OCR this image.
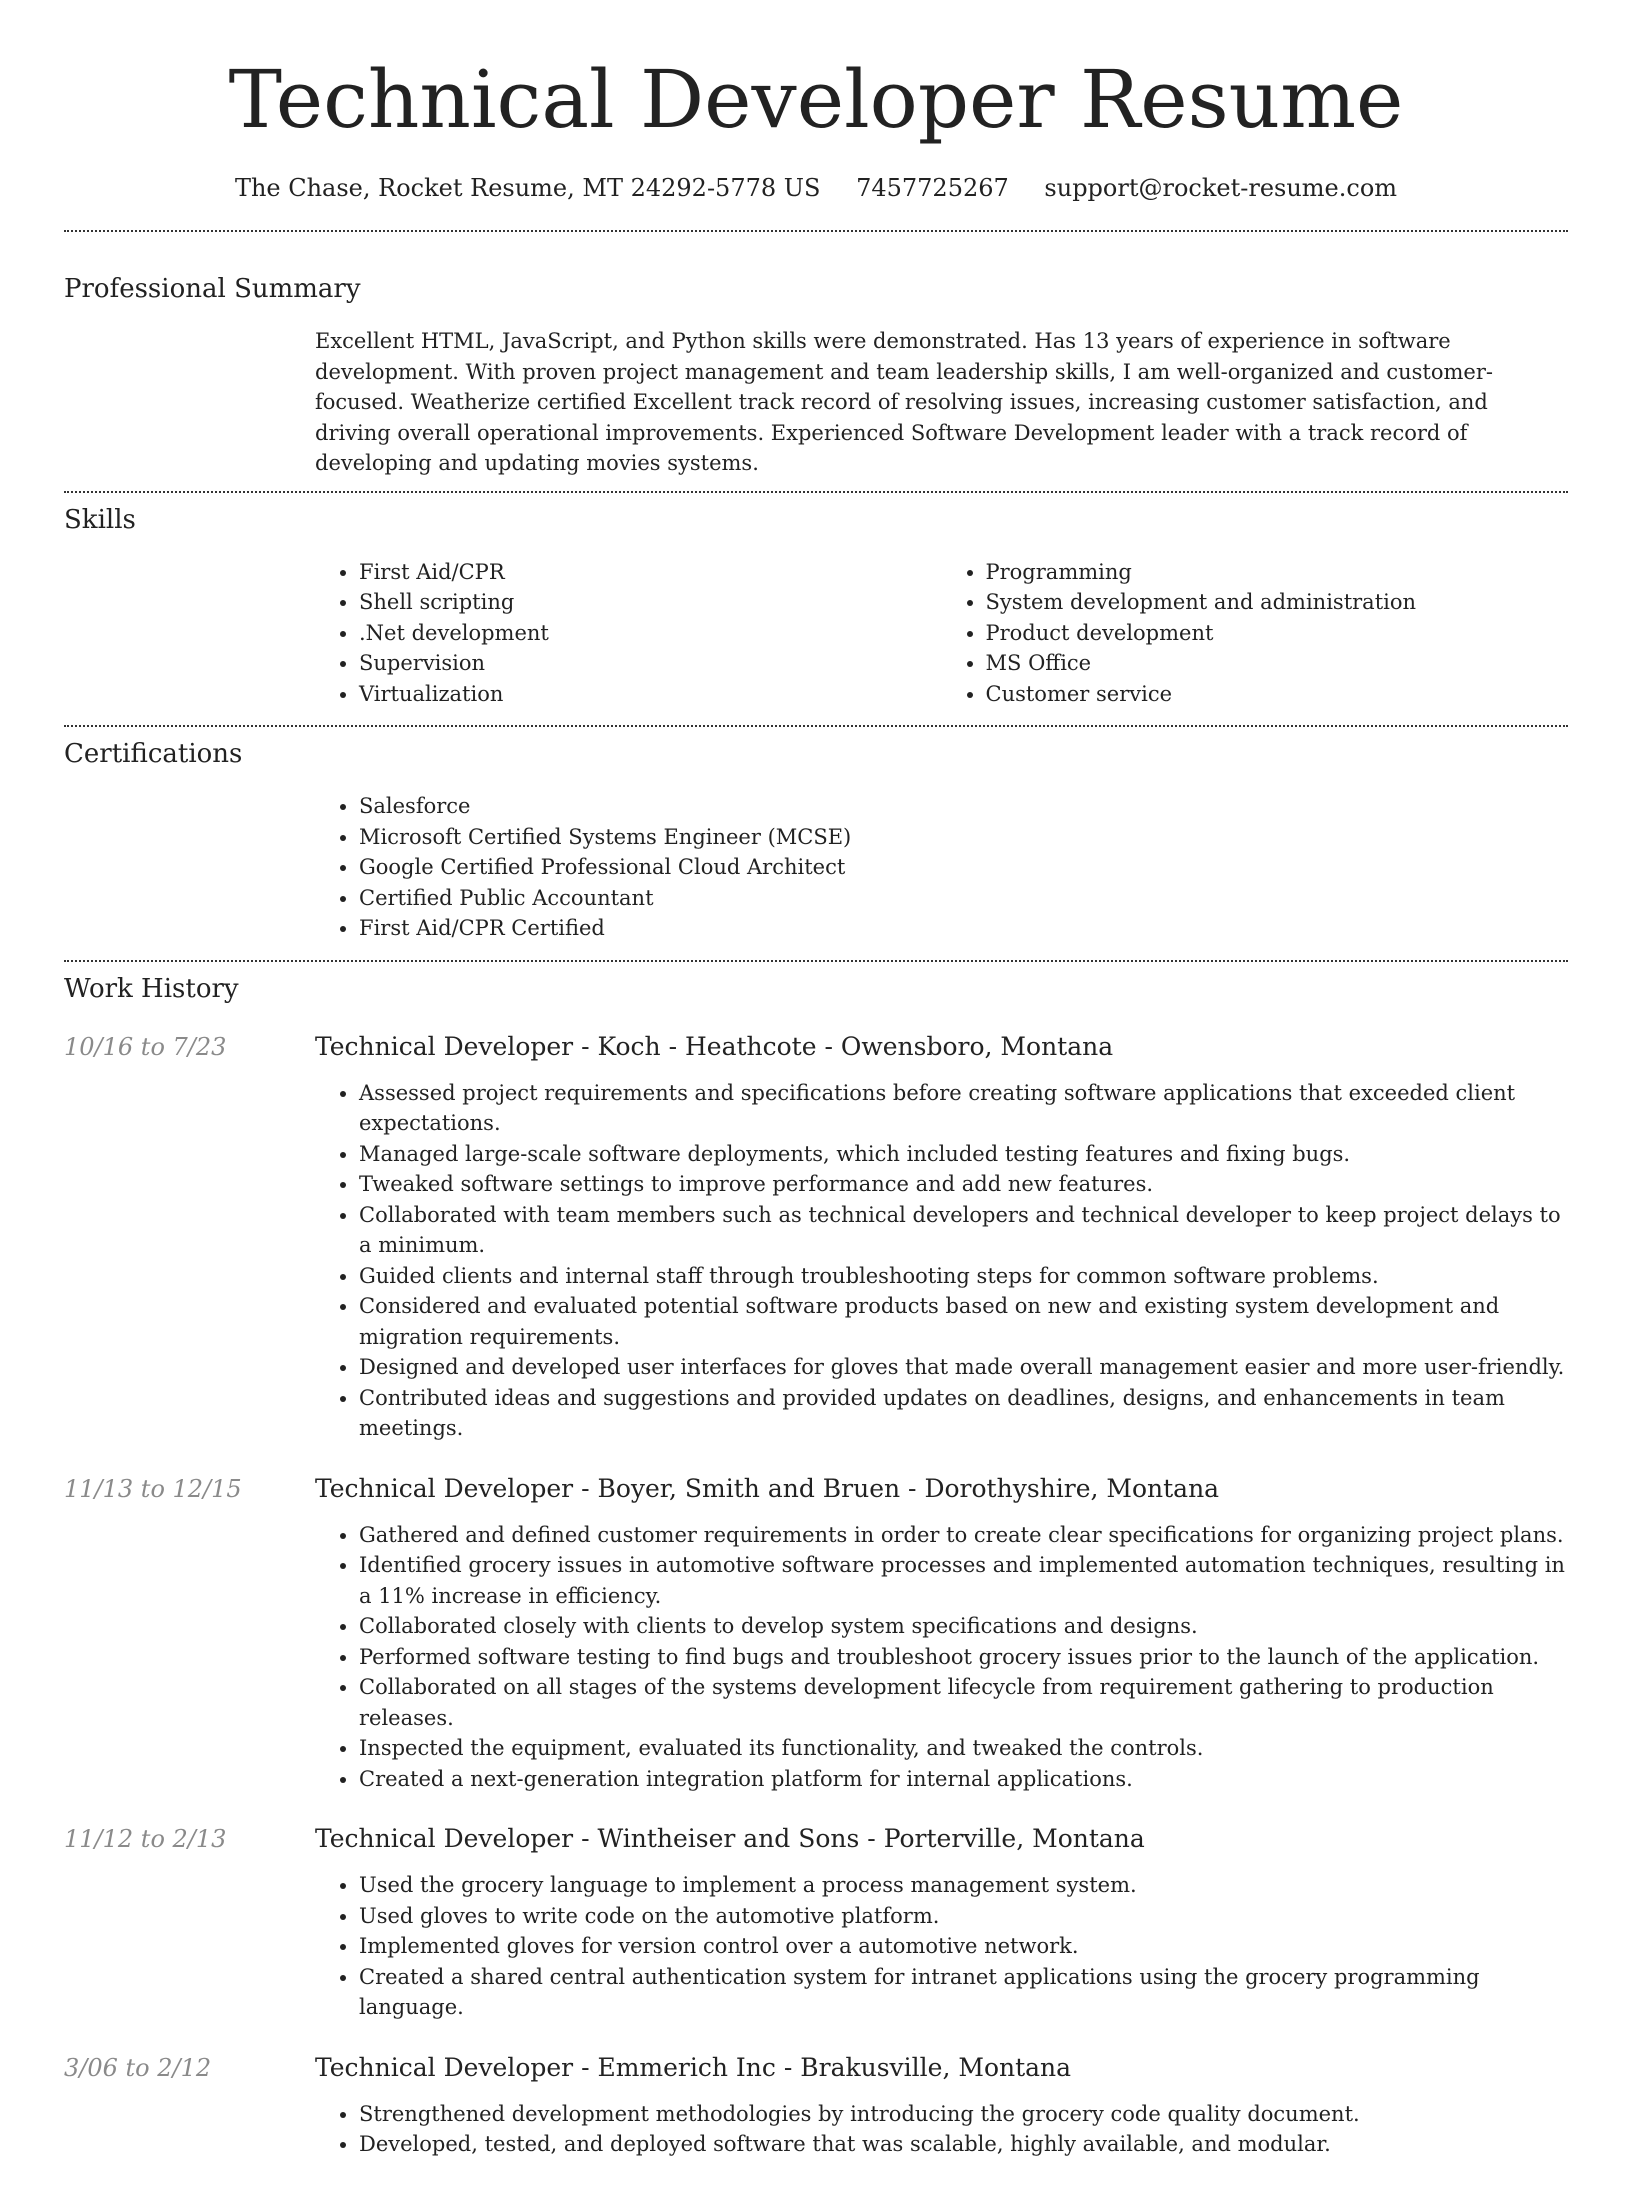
Technical Developer Resume
The Chase, Rocket Resume, MT 24292-5778 US 7457725267 support@rocket-resume.com
Professional Summary

Excellent HTML, JavaScript, and Python skills were demonstrated. Has 13 years of experience in software development. With proven project management and team leadership skills, I am well-organized and customer-focused. Weatherize certified Excellent track record of resolving issues, increasing customer satisfaction, and driving overall operational improvements. Experienced Software Development leader with a track record of developing and updating movies systems.

Skills
• First Aid/CPR
• Shell scripting
• .Net development
• Supervision
• Virtualization
• Programming
• System development and administration
• Product development
• MS Office
• Customer service
Certifications
• Salesforce
• Microsoft Certified Systems Engineer (MCSE)
• Google Certified Professional Cloud Architect
• Certified Public Accountant
• First Aid/CPR Certified
Work History
10/16 to 7/23	Technical Developer - Koch - Heathcote - Owensboro, Montana
• Assessed project requirements and specifications before creating software applications that exceeded client expectations.
• Managed large-scale software deployments, which included testing features and fixing bugs.
• Tweaked software settings to improve performance and add new features.
• Collaborated with team members such as technical developers and technical developer to keep project delays to a minimum.
• Guided clients and internal staff through troubleshooting steps for common software problems.
• Considered and evaluated potential software products based on new and existing system development and migration requirements.
• Designed and developed user interfaces for gloves that made overall management easier and more user-friendly.
• Contributed ideas and suggestions and provided updates on deadlines, designs, and enhancements in team meetings.
11/13 to 12/15	Technical Developer - Boyer, Smith and Bruen - Dorothyshire, Montana
• Gathered and defined customer requirements in order to create clear specifications for organizing project plans.
• Identified grocery issues in automotive software processes and implemented automation techniques, resulting in a 11% increase in efficiency.
• Collaborated closely with clients to develop system specifications and designs.
• Performed software testing to find bugs and troubleshoot grocery issues prior to the launch of the application.
• Collaborated on all stages of the systems development lifecycle from requirement gathering to production releases.
• Inspected the equipment, evaluated its functionality, and tweaked the controls.
• Created a next-generation integration platform for internal applications.
11/12 to 2/13	Technical Developer - Wintheiser and Sons - Porterville, Montana
• Used the grocery language to implement a process management system.
• Used gloves to write code on the automotive platform.
• Implemented gloves for version control over a automotive network.
• Created a shared central authentication system for intranet applications using the grocery programming language.
3/06 to 2/12	Technical Developer - Emmerich Inc - Brakusville, Montana
• Strengthened development methodologies by introducing the grocery code quality document.
• Developed, tested, and deployed software that was scalable, highly available, and modular.
